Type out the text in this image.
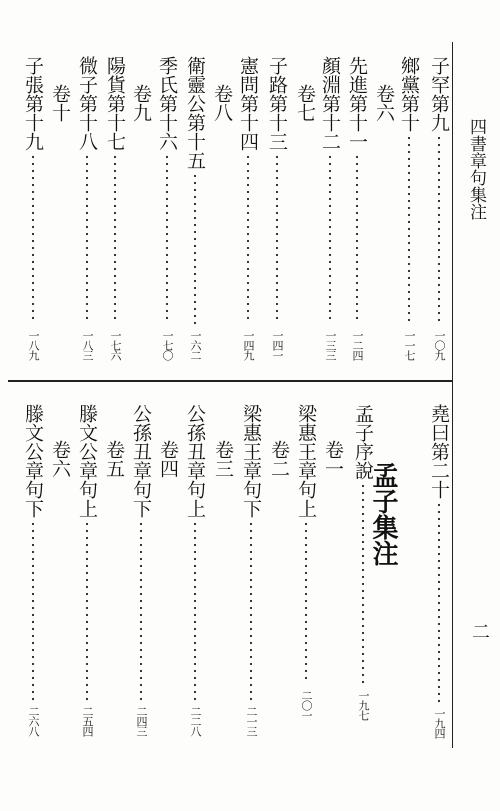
四書章句集注
二
子罕第九
一〇九
鄉黨第十
一一七
卷六
先進第十一
一二四
顏淵第十二
一三三
卷七
子路第十三
一四一
憲問第十四
一四九
卷八
衛靈公第十五
一六二
季氏第十六
一七〇
卷九
陽貨第十七
一七六
微子第十八
一八三
卷十
子張第十九
一八九
堯曰第二十
一九四
孟子集注
孟子序說
一九七
卷一
梁惠王章句上
二〇一
卷二
梁惠王章句下
二一三
卷三
公孫丑章句上
二二八
卷四
公孫丑章句下
二四三
卷五
滕文公章句上
二五四
卷六
滕文公章句下
二六八
